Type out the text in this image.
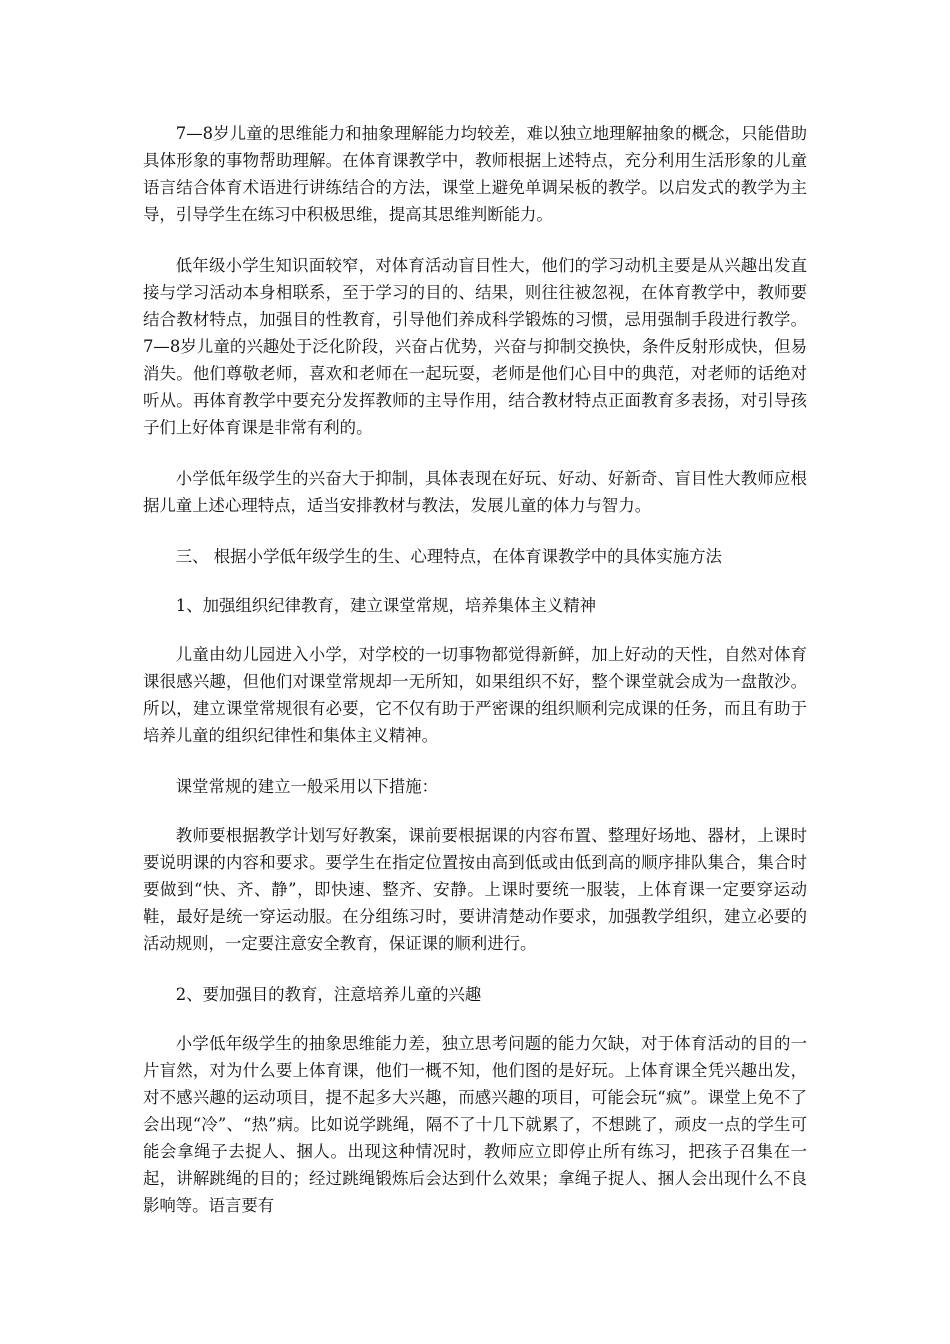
7—8岁儿童的思维能力和抽象理解能力均较差，难以独立地理解抽象的概念，只能借助具体形象的事物帮助理解。在体育课教学中，教师根据上述特点，充分利用生活形象的儿童语言结合体育术语进行讲练结合的方法，课堂上避免单调呆板的教学。以启发式的教学为主导，引导学生在练习中积极思维，提高其思维判断能力。

低年级小学生知识面较窄，对体育活动盲目性大，他们的学习动机主要是从兴趣出发直接与学习活动本身相联系，至于学习的目的、结果，则往往被忽视，在体育教学中，教师要结合教材特点，加强目的性教育，引导他们养成科学锻炼的习惯，忌用强制手段进行教学。 7—8岁儿童的兴趣处于泛化阶段，兴奋占优势，兴奋与抑制交换快，条件反射形成快，但易消失。他们尊敬老师，喜欢和老师在一起玩耍，老师是他们心目中的典范，对老师的话绝对听从。再体育教学中要充分发挥教师的主导作用，结合教材特点正面教育多表扬，对引导孩子们上好体育课是非常有利的。

小学低年级学生的兴奋大于抑制，具体表现在好玩、好动、好新奇、盲目性大教师应根据儿童上述心理特点，适当安排教材与教法，发展儿童的体力与智力。

三、 根据小学低年级学生的生、心理特点，在体育课教学中的具体实施方法

1、加强组织纪律教育，建立课堂常规，培养集体主义精神

儿童由幼儿园进入小学，对学校的一切事物都觉得新鲜，加上好动的天性，自然对体育课很感兴趣，但他们对课堂常规却一无所知，如果组织不好，整个课堂就会成为一盘散沙。所以，建立课堂常规很有必要，它不仅有助于严密课的组织顺利完成课的任务，而且有助于培养儿童的组织纪律性和集体主义精神。

课堂常规的建立一般采用以下措施：

教师要根据教学计划写好教案，课前要根据课的内容布置、整理好场地、器材，上课时要说明课的内容和要求。要学生在指定位置按由高到低或由低到高的顺序排队集合，集合时要做到“快、齐、静”，即快速、整齐、安静。上课时要统一服装，上体育课一定要穿运动鞋，最好是统一穿运动服。在分组练习时，要讲清楚动作要求，加强教学组织，建立必要的活动规则，一定要注意安全教育，保证课的顺利进行。

2、要加强目的教育，注意培养儿童的兴趣

小学低年级学生的抽象思维能力差，独立思考问题的能力欠缺，对于体育活动的目的一片盲然，对为什么要上体育课，他们一概不知，他们图的是好玩。上体育课全凭兴趣出发，对不感兴趣的运动项目，提不起多大兴趣，而感兴趣的项目，可能会玩“疯”。课堂上免不了会出现“冷”、“热”病。比如说学跳绳，隔不了十几下就累了，不想跳了，顽皮一点的学生可能会拿绳子去捉人、捆人。出现这种情况时，教师应立即停止所有练习，把孩子召集在一起，讲解跳绳的目的；经过跳绳锻炼后会达到什么效果；拿绳子捉人、捆人会出现什么不良影响等。语言要有
